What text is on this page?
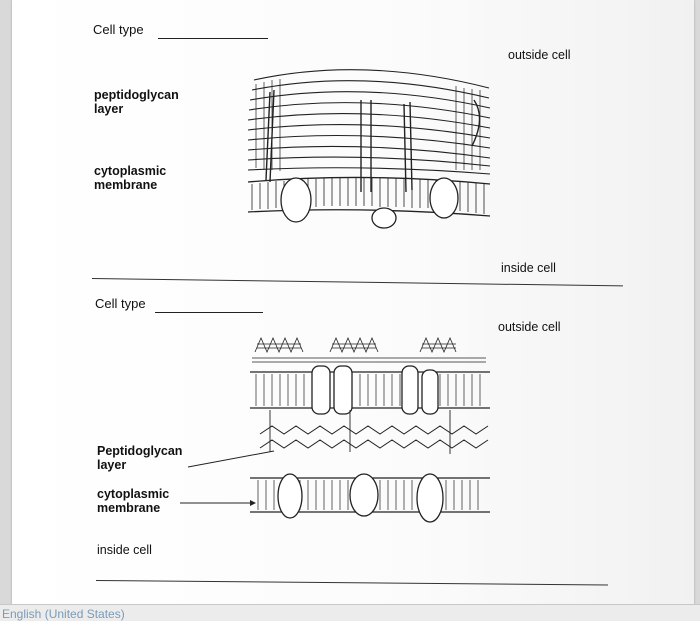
Cell type
outside cell
peptidoglycan
layer
cytoplasmic
membrane
inside cell
Cell type
outside cell
Peptidoglycan
layer
cytoplasmic
membrane
inside cell
English (United States)
